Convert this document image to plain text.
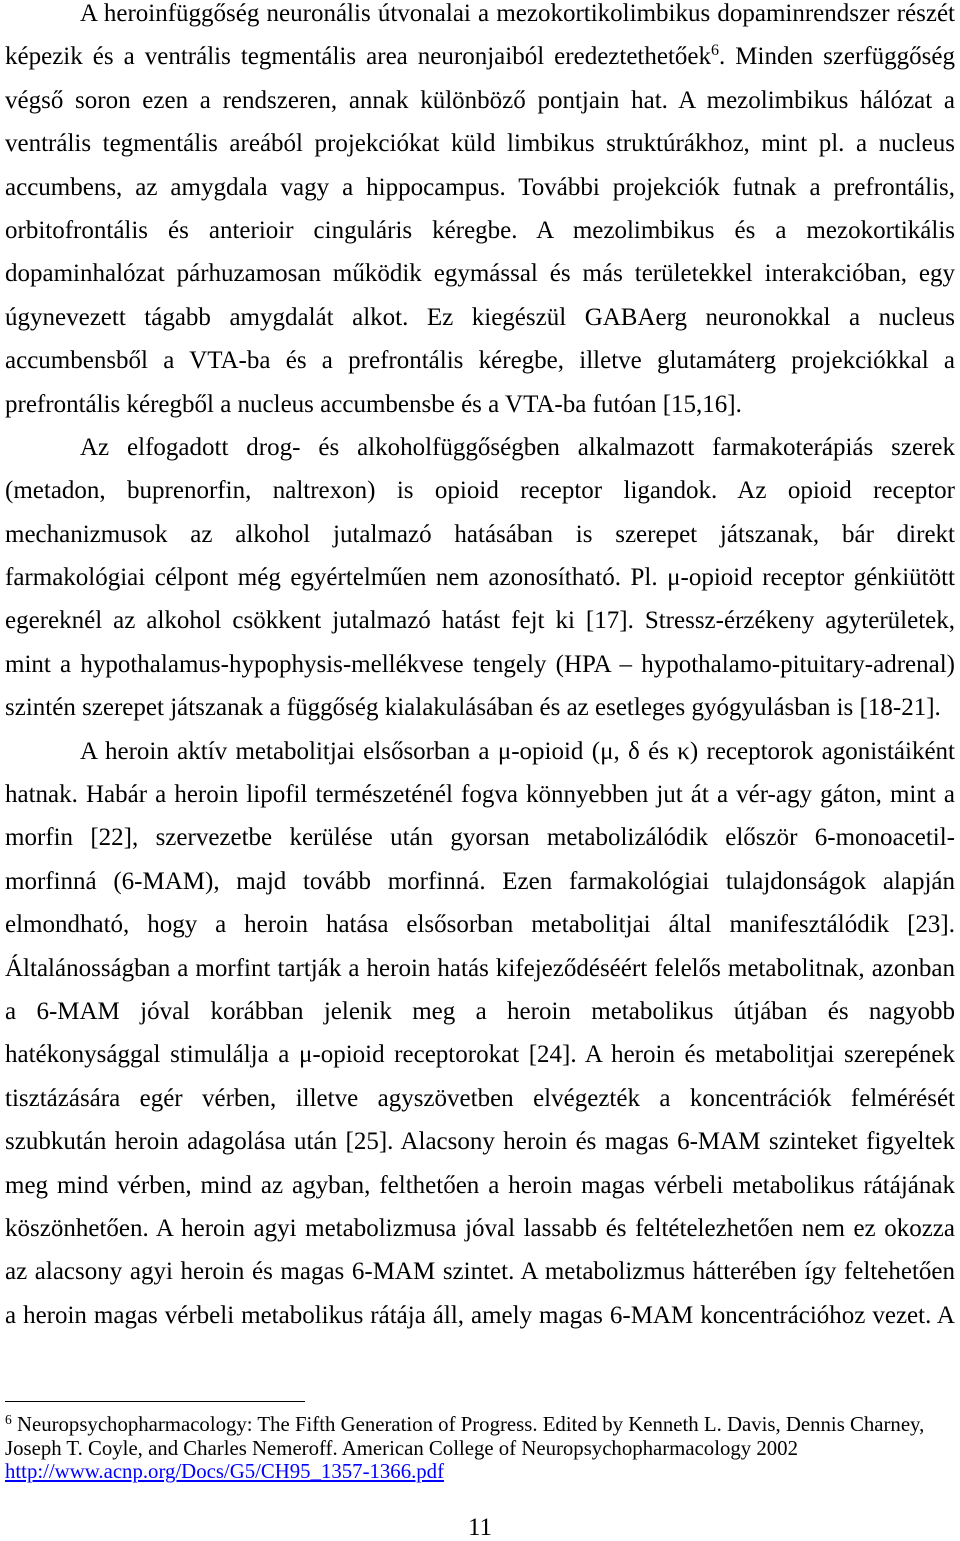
A heroinfüggőség neuronális útvonalai a mezokortikolimbikus dopaminrendszer részét
képezik és a ventrális tegmentális area neuronjaiból eredeztethetőek$^6$. Minden szerfüggőség
végső soron ezen a rendszeren, annak különböző pontjain hat. A mezolimbikus hálózat a
ventrális tegmentális areából projekciókat küld limbikus struktúrákhoz, mint pl. a nucleus
accumbens, az amygdala vagy a hippocampus. További projekciók futnak a prefrontális,
orbitofrontális és anterioir cinguláris kéregbe. A mezolimbikus és a mezokortikális
dopaminhalózat párhuzamosan működik egymással és más területekkel interakcióban, egy
úgynevezett tágabb amygdalát alkot. Ez kiegészül GABAerg neuronokkal a nucleus
accumbensből a VTA-ba és a prefrontális kéregbe, illetve glutamáterg projekciókkal a
prefrontális kéregből a nucleus accumbensbe és a VTA-ba futóan [15,16].
Az elfogadott drog- és alkoholfüggőségben alkalmazott farmakoterápiás szerek
(metadon, buprenorfin, naltrexon) is opioid receptor ligandok. Az opioid receptor
mechanizmusok az alkohol jutalmazó hatásában is szerepet játszanak, bár direkt
farmakológiai célpont még egyértelműen nem azonosítható. Pl. μ-opioid receptor génkiütött
egereknél az alkohol csökkent jutalmazó hatást fejt ki [17]. Stressz-érzékeny agyterületek,
mint a hypothalamus-hypophysis-mellékvese tengely (HPA – hypothalamo-pituitary-adrenal)
szintén szerepet játszanak a függőség kialakulásában és az esetleges gyógyulásban is [18-21].
A heroin aktív metabolitjai elsősorban a μ-opioid (μ, δ és κ) receptorok agonistáiként
hatnak. Habár a heroin lipofil természeténél fogva könnyebben jut át a vér-agy gáton, mint a
morfin [22], szervezetbe kerülése után gyorsan metabolizálódik először 6-monoacetil-
morfinná (6-MAM), majd tovább morfinná. Ezen farmakológiai tulajdonságok alapján
elmondható, hogy a heroin hatása elsősorban metabolitjai által manifesztálódik [23].
Általánosságban a morfint tartják a heroin hatás kifejeződéséért felelős metabolitnak, azonban
a 6-MAM jóval korábban jelenik meg a heroin metabolikus útjában és nagyobb
hatékonysággal stimulálja a μ-opioid receptorokat [24]. A heroin és metabolitjai szerepének
tisztázására egér vérben, illetve agyszövetben elvégezték a koncentrációk felmérését
szubkután heroin adagolása után [25]. Alacsony heroin és magas 6-MAM szinteket figyeltek
meg mind vérben, mind az agyban, felthetően a heroin magas vérbeli metabolikus rátájának
köszönhetően. A heroin agyi metabolizmusa jóval lassabb és feltételezhetően nem ez okozza
az alacsony agyi heroin és magas 6-MAM szintet. A metabolizmus hátterében így feltehetően
a heroin magas vérbeli metabolikus rátája áll, amely magas 6-MAM koncentrációhoz vezet. A
$^6$ Neuropsychopharmacology: The Fifth Generation of Progress. Edited by Kenneth L. Davis, Dennis Charney,
Joseph T. Coyle, and Charles Nemeroff. American College of Neuropsychopharmacology 2002
http://www.acnp.org/Docs/G5/CH95_1357-1366.pdf
11
